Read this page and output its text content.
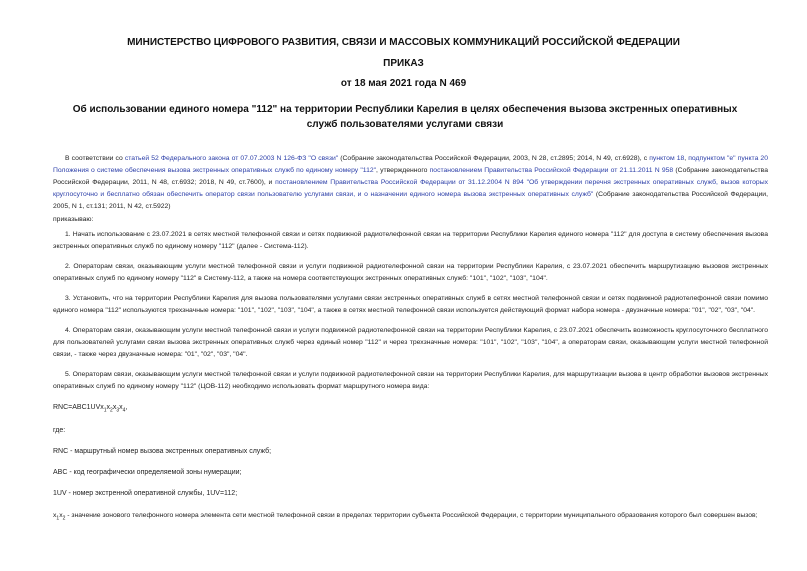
МИНИСТЕРСТВО ЦИФРОВОГО РАЗВИТИЯ, СВЯЗИ И МАССОВЫХ КОММУНИКАЦИЙ РОССИЙСКОЙ ФЕДЕРАЦИИ
ПРИКАЗ
от 18 мая 2021 года N 469
Об использовании единого номера "112" на территории Республики Карелия в целях обеспечения вызова экстренных оперативных служб пользователями услугами связи
В соответствии со статьей 52 Федерального закона от 07.07.2003 N 126-ФЗ "О связи" (Собрание законодательства Российской Федерации, 2003, N 28, ст.2895; 2014, N 49, ст.6928), с пунктом 18, подпунктом "е" пункта 20 Положения о системе обеспечения вызова экстренных оперативных служб по единому номеру "112", утвержденного постановлением Правительства Российской Федерации от 21.11.2011 N 958 (Собрание законодательства Российской Федерации, 2011, N 48, ст.6932; 2018, N 49, ст.7600), и постановлением Правительства Российской Федерации от 31.12.2004 N 894 "Об утверждении перечня экстренных оперативных служб, вызов которых круглосуточно и бесплатно обязан обеспечить оператор связи пользователю услугами связи, и о назначении единого номера вызова экстренных оперативных служб" (Собрание законодательства Российской Федерации, 2005, N 1, ст.131; 2011, N 42, ст.5922)
приказываю:
1. Начать использование с 23.07.2021 в сетях местной телефонной связи и сетях подвижной радиотелефонной связи на территории Республики Карелия единого номера "112" для доступа в систему обеспечения вызова экстренных оперативных служб по единому номеру "112" (далее - Система-112).
2. Операторам связи, оказывающим услуги местной телефонной связи и услуги подвижной радиотелефонной связи на территории Республики Карелия, с 23.07.2021 обеспечить маршрутизацию вызовов экстренных оперативных служб по единому номеру "112" в Систему-112, а также на номера соответствующих экстренных оперативных служб: "101", "102", "103", "104".
3. Установить, что на территории Республики Карелия для вызова пользователями услугами связи экстренных оперативных служб в сетях местной телефонной связи и сетях подвижной радиотелефонной связи помимо единого номера "112" используются трехзначные номера: "101", "102", "103", "104", а также в сетях местной телефонной связи используется действующий формат набора номера - двузначные номера: "01", "02", "03", "04".
4. Операторам связи, оказывающим услуги местной телефонной связи и услуги подвижной радиотелефонной связи на территории Республики Карелия, с 23.07.2021 обеспечить возможность круглосуточного бесплатного для пользователей услугами связи вызова экстренных оперативных служб через единый номер "112" и через трехзначные номера: "101", "102", "103", "104", а операторам связи, оказывающим услуги местной телефонной связи, - также через двузначные номера: "01", "02", "03", "04".
5. Операторам связи, оказывающим услуги местной телефонной связи и услуги подвижной радиотелефонной связи на территории Республики Карелия, для маршрутизации вызова в центр обработки вызовов экстренных оперативных служб по единому номеру "112" (ЦОВ-112) необходимо использовать формат маршрутного номера вида:
$RNC=ABC1UVx_1x_2x_3x_4$,
где:
RNC - маршрутный номер вызова экстренных оперативных служб;
ABC - код географически определяемой зоны нумерации;
1UV - номер экстренной оперативной службы, 1UV=112;
$x_1x_2$ - значение зонового телефонного номера элемента сети местной телефонной связи в пределах территории субъекта Российской Федерации, с территории муниципального образования которого был совершен вызов;
